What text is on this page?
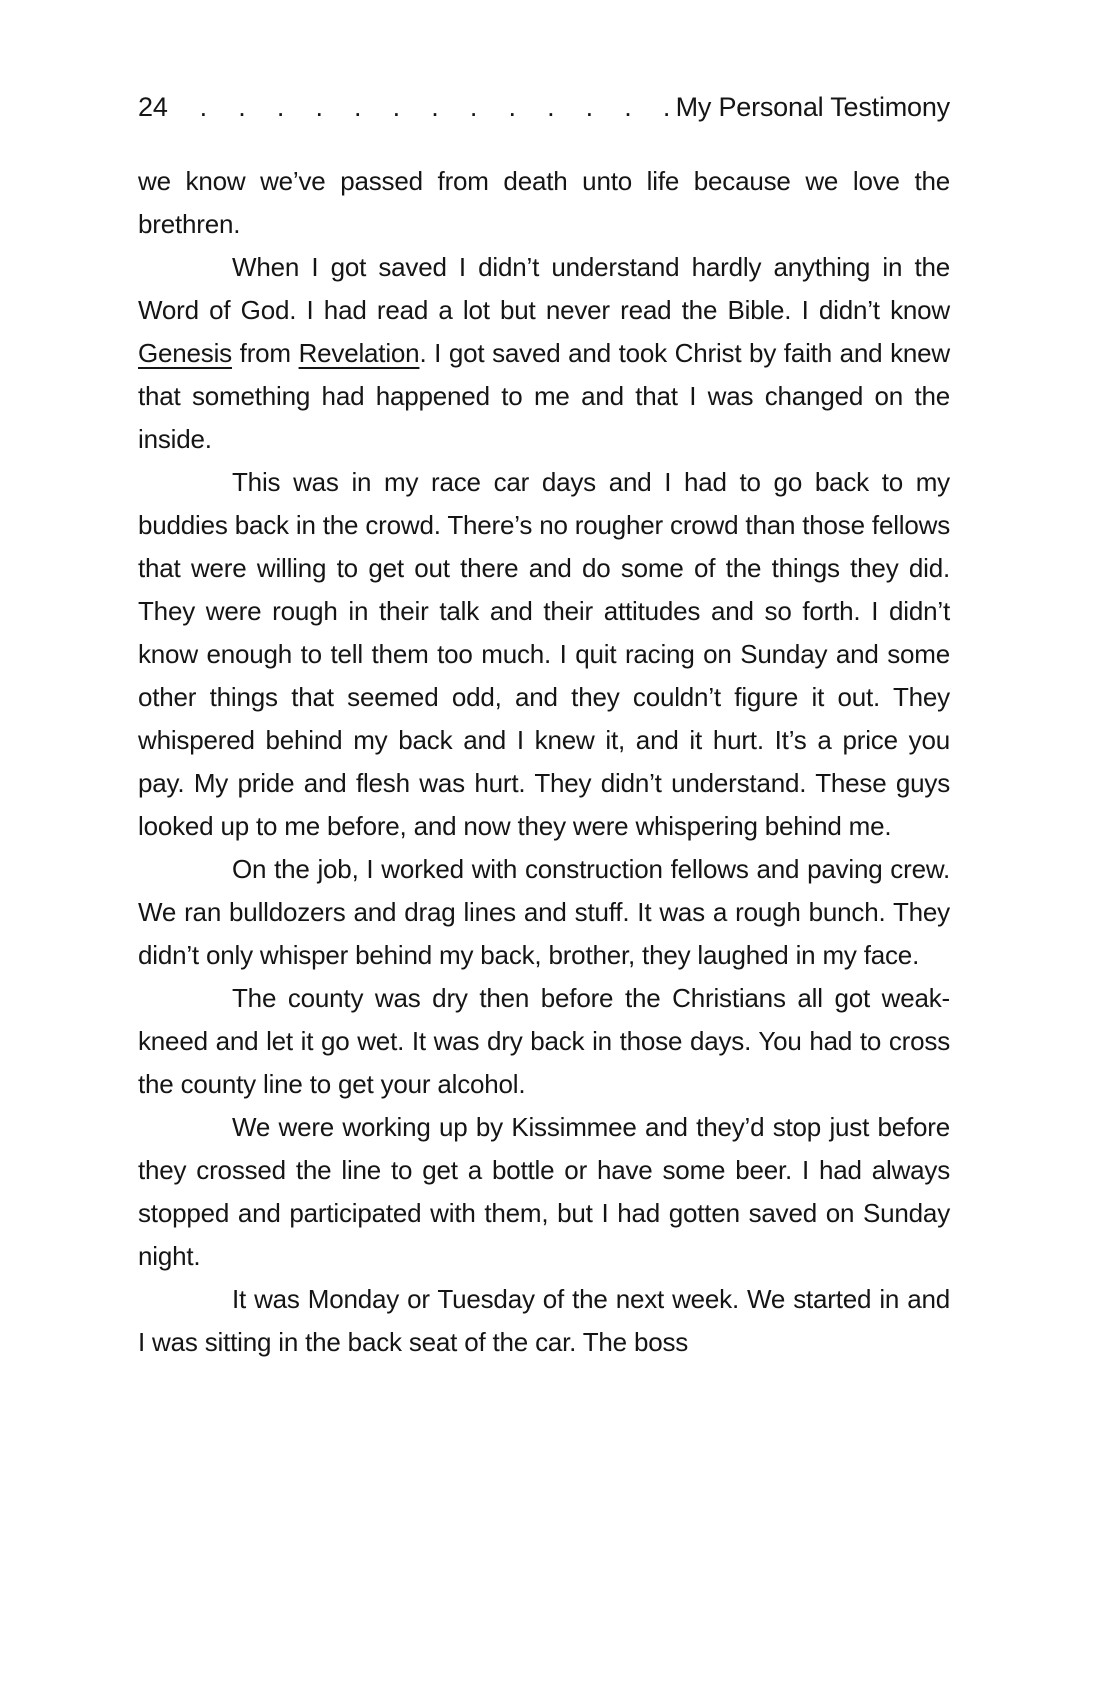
24	. . . . . . . . . . . . . My Personal Testimony

we know we’ve passed from death unto life because we love the brethren.

When I got saved I didn’t understand hardly anything in the Word of God. I had read a lot but never read the Bible. I didn’t know Genesis from Revelation. I got saved and took Christ by faith and knew that something had happened to me and that I was changed on the inside.

This was in my race car days and I had to go back to my buddies back in the crowd. There’s no rougher crowd than those fellows that were willing to get out there and do some of the things they did. They were rough in their talk and their attitudes and so forth. I didn’t know enough to tell them too much. I quit racing on Sunday and some other things that seemed odd, and they couldn’t figure it out. They whispered behind my back and I knew it, and it hurt. It’s a price you pay. My pride and flesh was hurt. They didn’t understand. These guys looked up to me before, and now they were whispering behind me.

On the job, I worked with construction fellows and paving crew. We ran bulldozers and drag lines and stuff. It was a rough bunch. They didn’t only whisper behind my back, brother, they laughed in my face.

The county was dry then before the Christians all got weak-kneed and let it go wet. It was dry back in those days. You had to cross the county line to get your alcohol.

We were working up by Kissimmee and they’d stop just before they crossed the line to get a bottle or have some beer. I had always stopped and participated with them, but I had gotten saved on Sunday night.

It was Monday or Tuesday of the next week. We started in and I was sitting in the back seat of the car. The boss
